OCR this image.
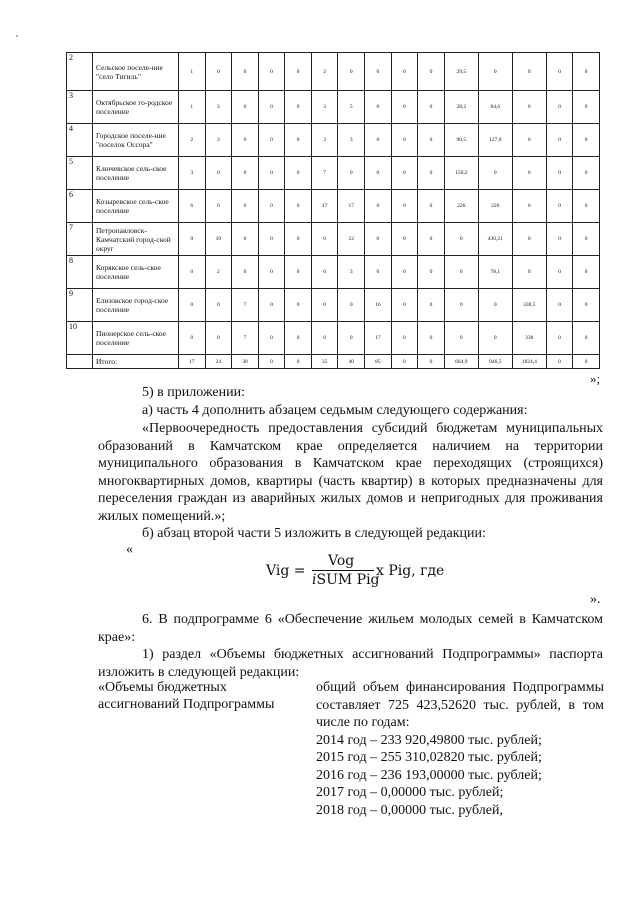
2	Сельское поселе-ние "село Тигиль"	1	0	0	0	0	2	0	0	0	0	29,5	0	0	0	0
3	Октябрьское го-родское поселение	1	3	0	0	0	3	5	0	0	0	28,2	84,6	0	0	0
4	Городское поселе-ние "поселок Оссора"	2	3	0	0	0	3	3	0	0	0	90,5	127,6	0	0	0
5	Ключевское сель-ское поселение	3	0	0	0	0	7	0	0	0	0	150,2	0	0	0	0
6	Козыревское сель-ское поселение	6	6	0	0	0	17	17	0	0	0	226	226	0	0	0
7	Петропавловск-Камчатский город-ской округ	0	10	0	0	0	0	12	0	0	0	0	430,21	0	0	0
8	Корякское сель-ское поселение	0	2	0	0	0	0	3	0	0	0	0	78,1	0	0	0
9	Елизовское город-ское поселение	0	0	7	0	0	0	0	16	0	0	0	0	338,5	0	0
10	Пионерское сель-ское поселение	0	0	7	0	0	0	0	17	0	0	0	0	338	0	0
	Итого:	17	24	38	0	0	35	40	85	0	0	664,9	946,5	1824,4	0	0
»;
5) в приложении:
а) часть 4 дополнить абзацем седьмым следующего содержания:
«Первоочередность предоставления субсидий бюджетам муниципальных образований в Камчатском крае определяется наличием на территории муниципального образования в Камчатском крае переходящих (строящихся) многоквартирных домов, квартиры (часть квартир) в которых предназначены для переселения граждан из аварийных жилых домов и непригодных для проживания жилых помещений.»;
б) абзац второй части 5 изложить в следующей редакции:
«
Vig =
Vog
iSUM Pig
x Pig, где
».
6. В подпрограмме 6 «Обеспечение жильем молодых семей в Камчатском крае»:
1) раздел «Объемы бюджетных ассигнований Подпрограммы» паспорта изложить в следующей редакции:
«Объемы бюджетных ассигнований Подпрограммы
общий объем финансирования Подпрограммы составляет 725 423,52620 тыс. рублей, в том числе по годам:
2014 год – 233 920,49800 тыс. рублей;
2015 год – 255 310,02820 тыс. рублей;
2016 год – 236 193,00000 тыс. рублей;
2017 год – 0,00000 тыс. рублей;
2018 год – 0,00000 тыс. рублей,
